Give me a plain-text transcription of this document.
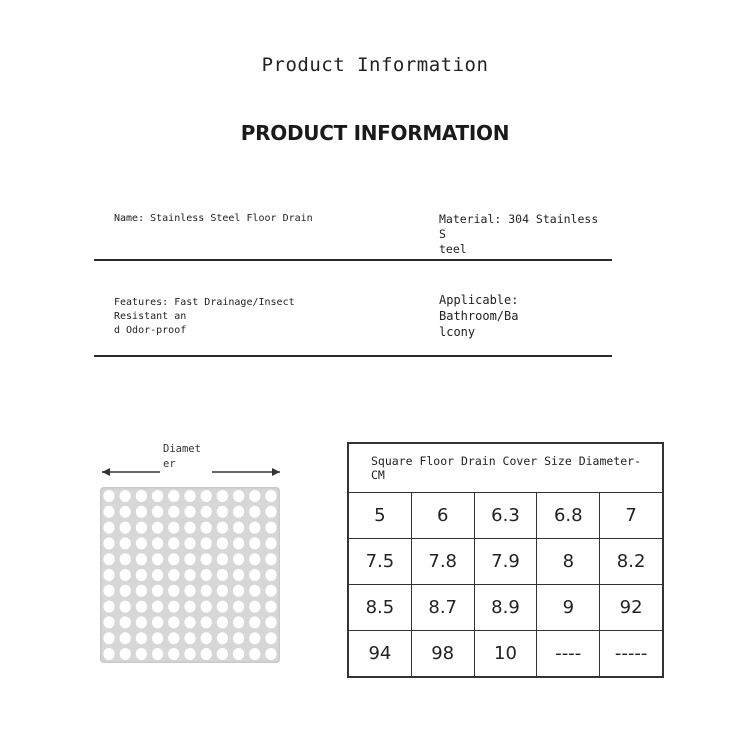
Product Information
PRODUCT INFORMATION
Name: Stainless Steel Floor Drain	Material: 304 Stainless S
teel
Features: Fast Drainage/Insect Resistant an
d Odor-proof
Applicable: Bathroom/Ba
lcony
Diamet
er	Square Floor Drain Cover Size Diameter-
CM				
5	6	6.3	6.8	7
7.5	7.8	7.9	8	8.2
8.5	8.7	8.9	9	92
94	98	10	----	-----
